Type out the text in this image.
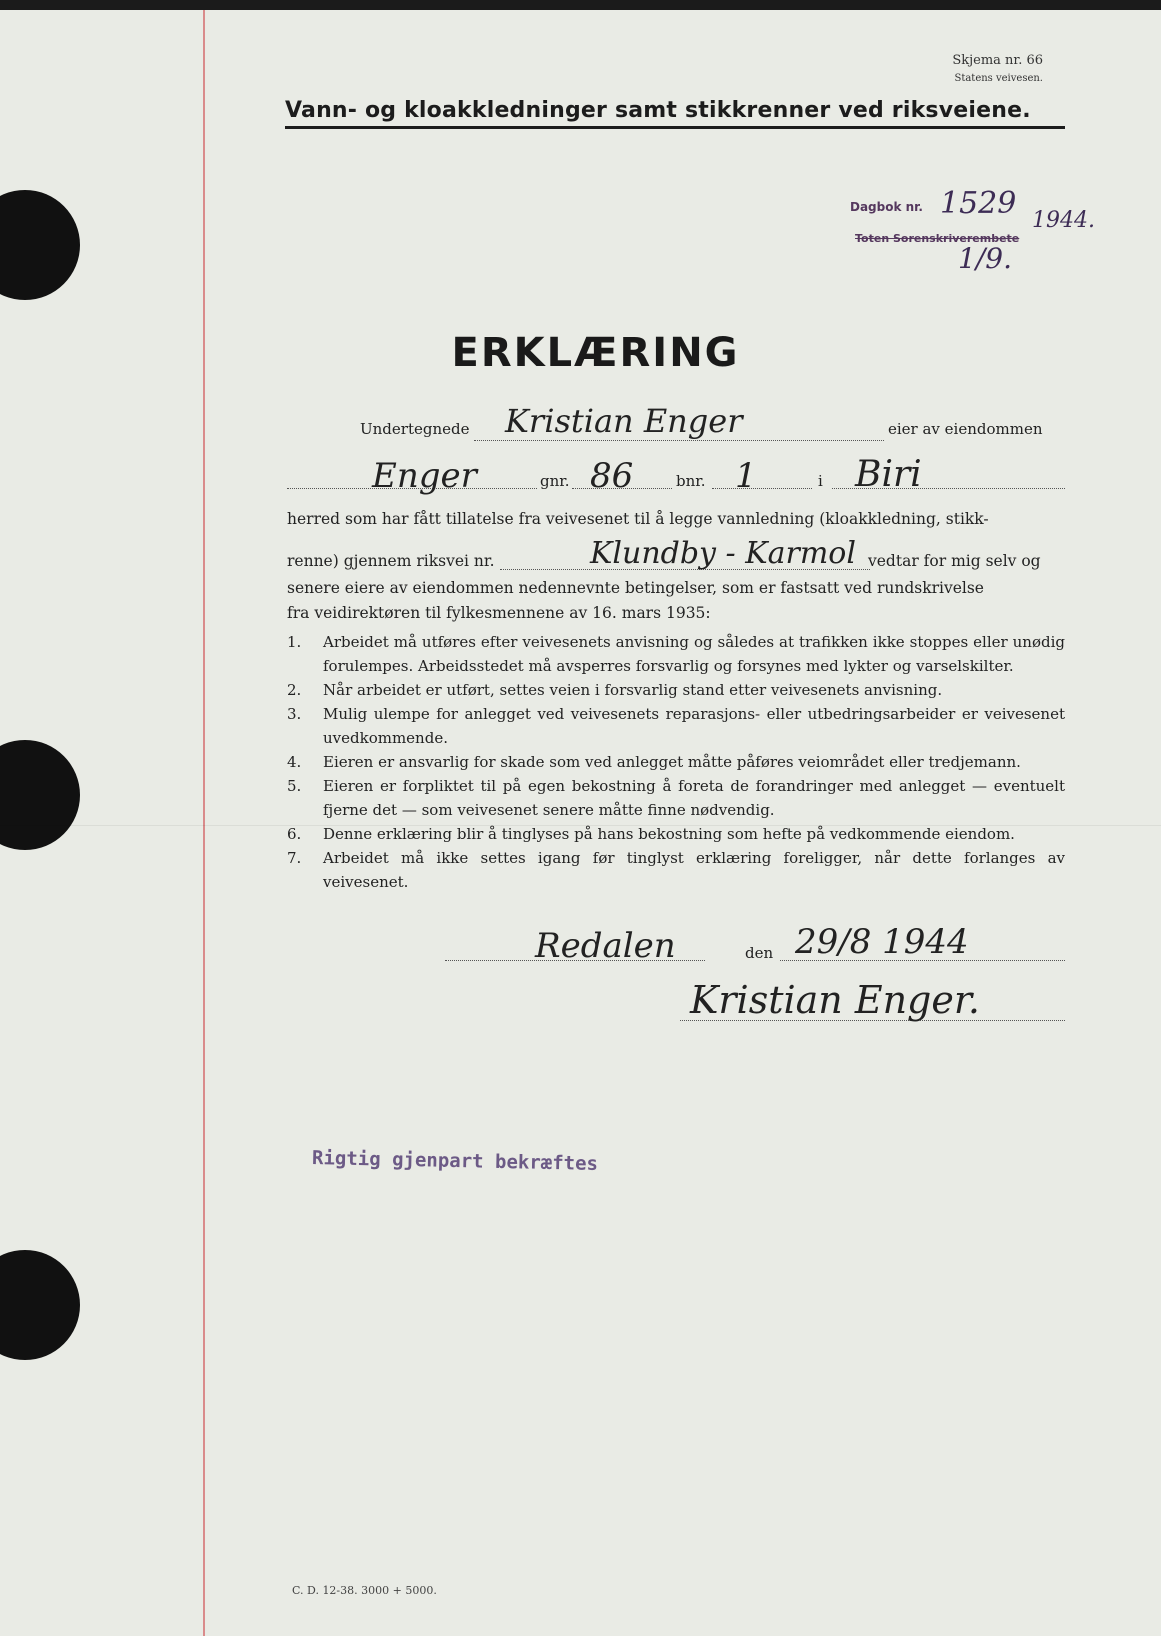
Skjema nr. 66
Statens veivesen.
Vann- og kloakkledninger samt stikkrenner ved riksveiene.
Dagbok nr. 1529 1944.
Toten Sorenskriverembete
1/9.
ERKLÆRING
Undertegnede Kristian Enger	eier av eiendommen
Enger	gnr. 86	bnr. 1	i Biri
herred som har fått tillatelse fra veivesenet til å legge vannledning (kloakkledning, stikk-
renne) gjennem riksvei nr.	Klundby - Karmol vedtar for mig selv og
senere eiere av eiendommen nedennevnte betingelser, som er fastsatt ved rundskrivelse
fra veidirektøren til fylkesmennene av 16. mars 1935:
1.	Arbeidet må utføres efter veivesenets anvisning og således at trafikken ikke stoppes eller unødig forulempes. Arbeidsstedet må avsperres forsvarlig og forsynes med lykter og varselskilter.
2.	Når arbeidet er utført, settes veien i forsvarlig stand etter veivesenets anvisning.
3.	Mulig ulempe for anlegget ved veivesenets reparasjons- eller utbedringsarbeider er veivesenet uvedkommende.
4.	Eieren er ansvarlig for skade som ved anlegget måtte påføres veiområdet eller tredjemann.
5.	Eieren er forpliktet til på egen bekostning å foreta de forandringer med anlegget — eventuelt fjerne det — som veivesenet senere måtte finne nødvendig.
6.	Denne erklæring blir å tinglyses på hans bekostning som hefte på vedkommende eiendom.
7.	Arbeidet må ikke settes igang før tinglyst erklæring foreligger, når dette forlanges av veivesenet.
Redalen	den 29/8 1944
Kristian Enger.
Rigtig gjenpart bekræftes
C. D. 12-38. 3000 + 5000.
